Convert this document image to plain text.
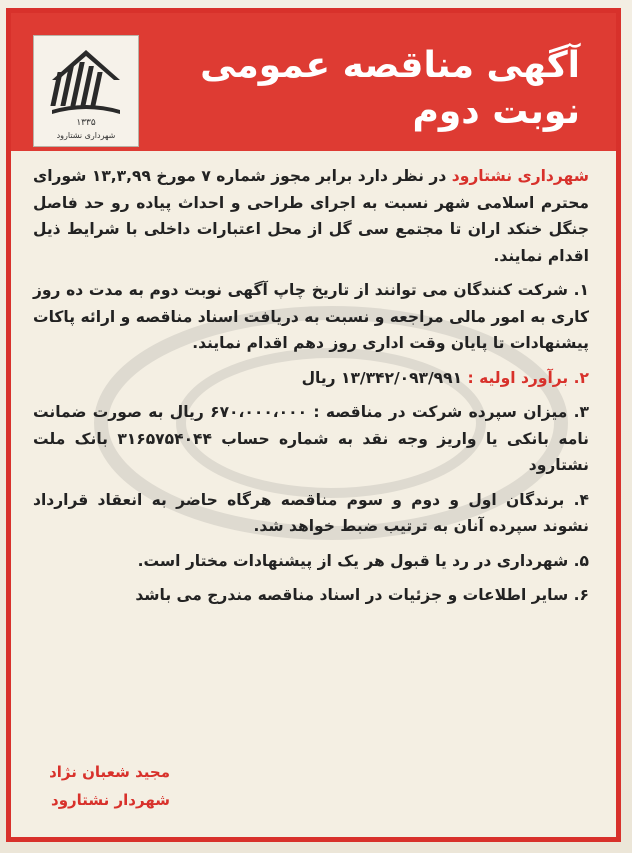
۱۳۳۵
شهرداری نشتارود
آگهی مناقصه عمومی
نوبت دوم

شهرداری نشتارود در نظر دارد برابر مجوز شماره ۷ مورخ ۱۳,۳,۹۹ شورای محترم اسلامی شهر نسبت به اجرای طراحی و احداث پیاده رو حد فاصل جنگل خنکد اران تا مجتمع سی گل از محل اعتبارات داخلی با شرایط ذیل اقدام نمایند.

۱. شرکت کنندگان می توانند از تاریخ چاپ آگهی نوبت دوم به مدت ده روز کاری به امور مالی مراجعه و نسبت به دریافت اسناد مناقصه و ارائه پاکات پیشنهادات تا پایان وقت اداری روز دهم اقدام نمایند.

۲. برآورد اولیه : ۱۳/۳۴۲/۰۹۳/۹۹۱ ریال

۳. میزان سپرده شرکت در مناقصه : ۶۷۰،۰۰۰،۰۰۰ ریال به صورت ضمانت نامه بانکی یا واریز وجه نقد به شماره حساب ۳۱۶۵۷۵۴۰۴۴ بانک ملت نشتارود

۴. برندگان اول و دوم و سوم مناقصه هرگاه حاضر به انعقاد قرارداد نشوند سپرده آنان به ترتیب ضبط خواهد شد.

۵. شهرداری در رد یا قبول هر یک از پیشنهادات مختار است.

۶. سایر اطلاعات و جزئیات در اسناد مناقصه مندرج می باشد

مجید شعبان نژاد
شهردار نشتارود
